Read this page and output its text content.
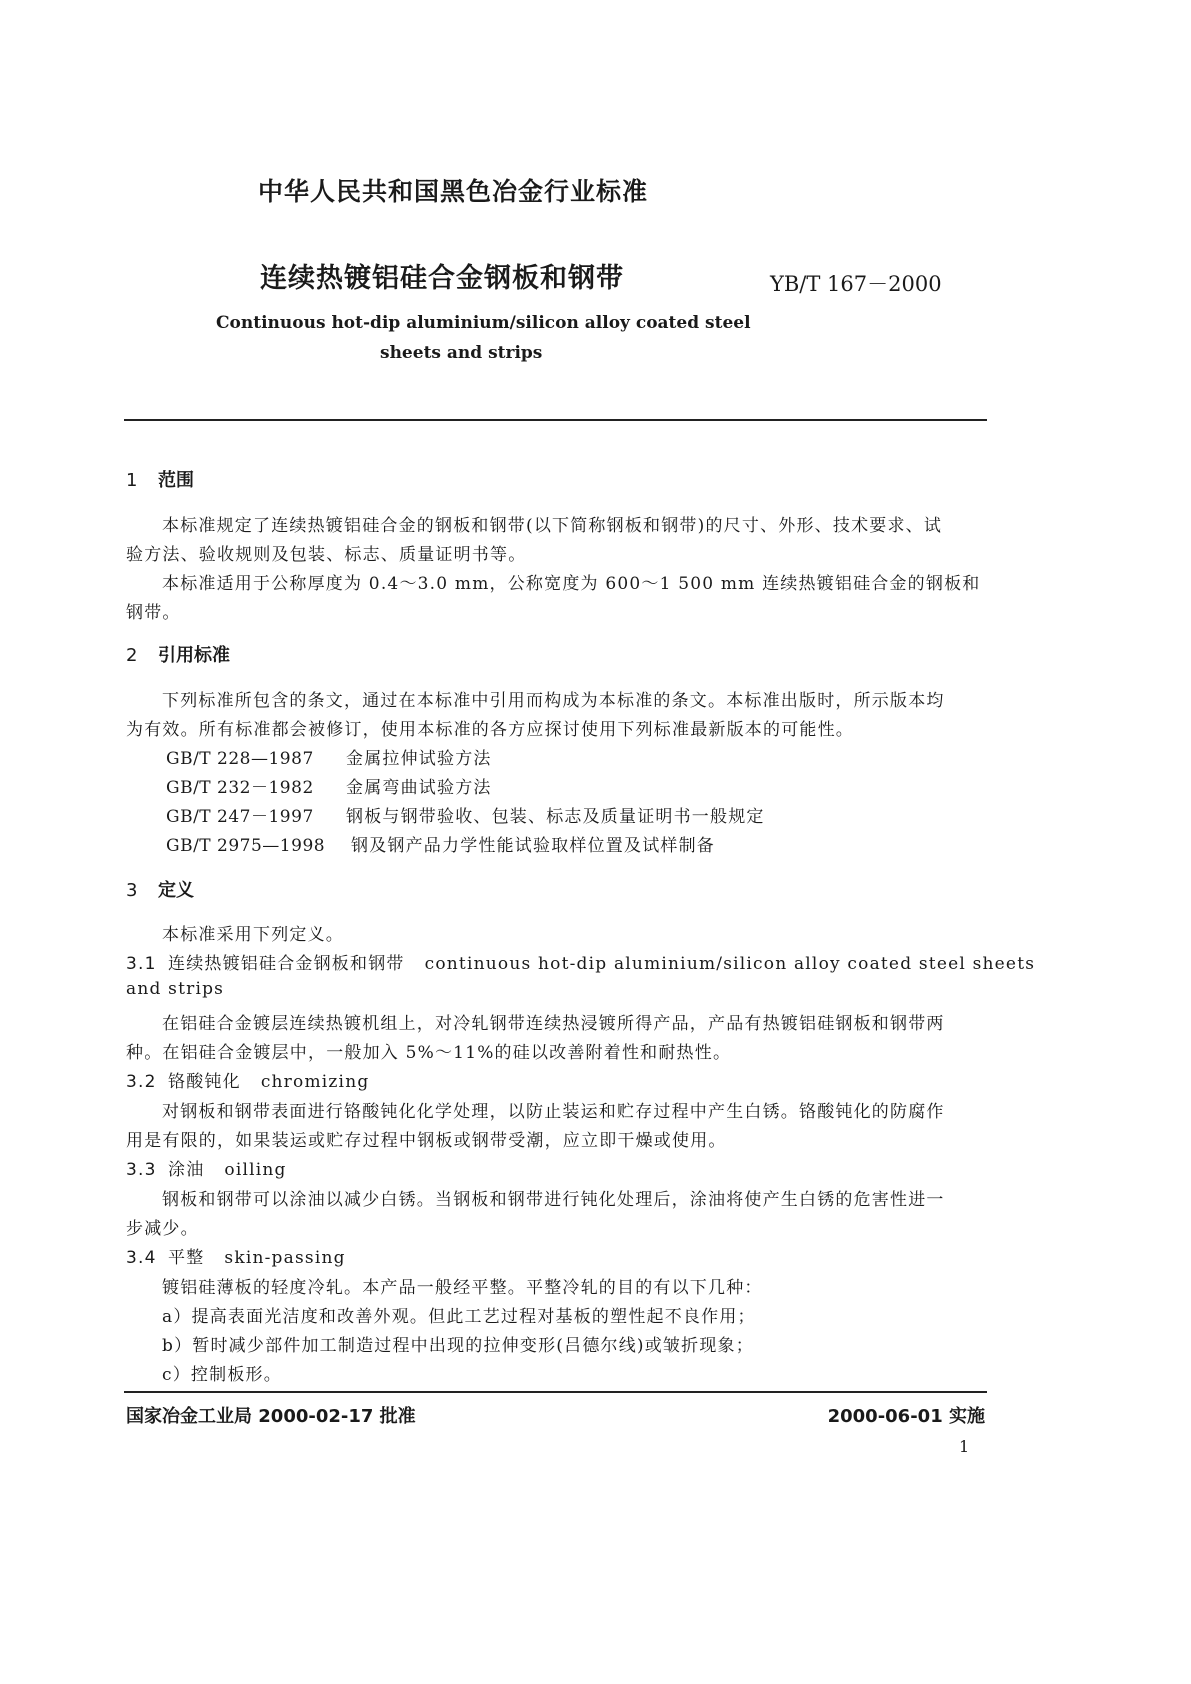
中华人民共和国黑色冶金行业标准
连续热镀铝硅合金钢板和钢带	YB/T 167－2000
Continuous hot-dip aluminium/silicon alloy coated steel
sheets and strips
1 范围
本标准规定了连续热镀铝硅合金的钢板和钢带(以下简称钢板和钢带)的尺寸、外形、技术要求、试
验方法、验收规则及包装、标志、质量证明书等。
本标准适用于公称厚度为 0.4～3.0 mm，公称宽度为 600～1 500 mm 连续热镀铝硅合金的钢板和
钢带。
2 引用标准
下列标准所包含的条文，通过在本标准中引用而构成为本标准的条文。本标准出版时，所示版本均
为有效。所有标准都会被修订，使用本标准的各方应探讨使用下列标准最新版本的可能性。
GB/T 228—1987 金属拉伸试验方法
GB/T 232－1982 金属弯曲试验方法
GB/T 247－1997 钢板与钢带验收、包装、标志及质量证明书一般规定
GB/T 2975—1998 钢及钢产品力学性能试验取样位置及试样制备
3 定义
本标准采用下列定义。
3.1 连续热镀铝硅合金钢板和钢带 continuous hot-dip aluminium/silicon alloy coated steel sheets
and strips
在铝硅合金镀层连续热镀机组上，对冷轧钢带连续热浸镀所得产品，产品有热镀铝硅钢板和钢带两
种。在铝硅合金镀层中，一般加入 5%～11%的硅以改善附着性和耐热性。
3.2 铬酸钝化 chromizing
对钢板和钢带表面进行铬酸钝化化学处理，以防止装运和贮存过程中产生白锈。铬酸钝化的防腐作
用是有限的，如果装运或贮存过程中钢板或钢带受潮，应立即干燥或使用。
3.3 涂油 oilling
钢板和钢带可以涂油以减少白锈。当钢板和钢带进行钝化处理后，涂油将使产生白锈的危害性进一
步减少。
3.4 平整 skin-passing
镀铝硅薄板的轻度冷轧。本产品一般经平整。平整冷轧的目的有以下几种：
a）提高表面光洁度和改善外观。但此工艺过程对基板的塑性起不良作用；
b）暂时减少部件加工制造过程中出现的拉伸变形(吕德尔线)或皱折现象；
c）控制板形。
国家冶金工业局 2000-02-17 批准	2000-06-01 实施
1
